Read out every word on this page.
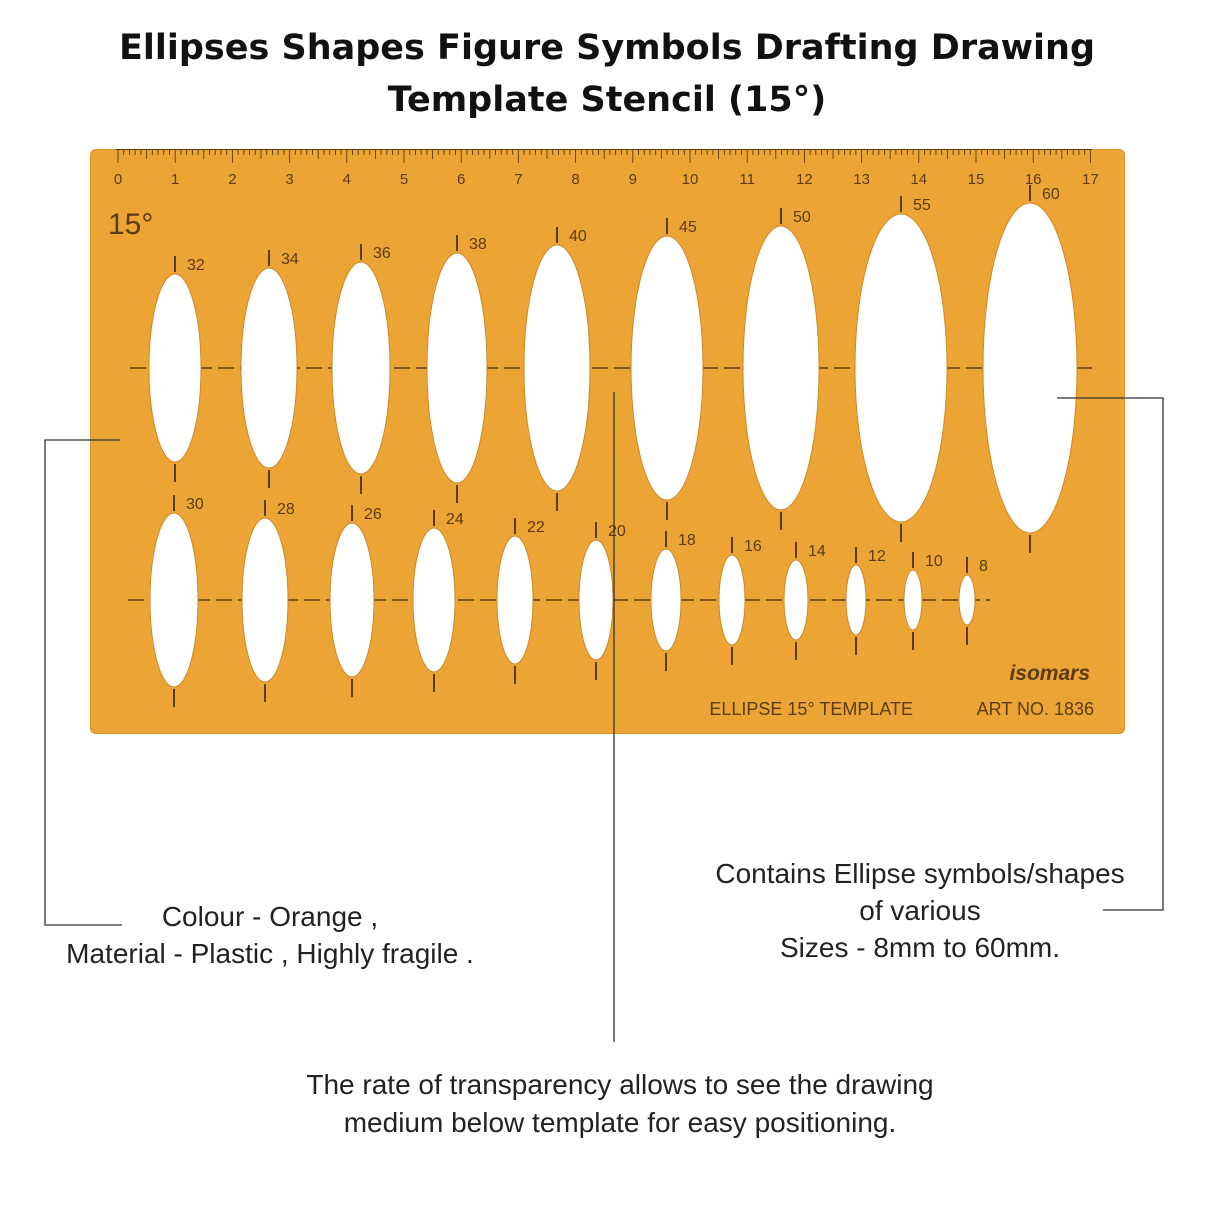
Ellipses Shapes Figure Symbols Drafting Drawing
Template Stencil (15°)
0	1	2	3	4	5	6	7	8	9	10	11	12	13	14	15	16	17
15°
32	34	36
38	40
45
50
55
60
30	28	26	24	22	20
18	16	14	12 10 8
isomars
ELLIPSE 15° TEMPLATE	ART NO. 1836
Colour - Orange ,
Material - Plastic , Highly fragile .
Contains Ellipse symbols/shapes
of various
Sizes - 8mm to 60mm.
The rate of transparency allows to see the drawing
medium below template for easy positioning.
